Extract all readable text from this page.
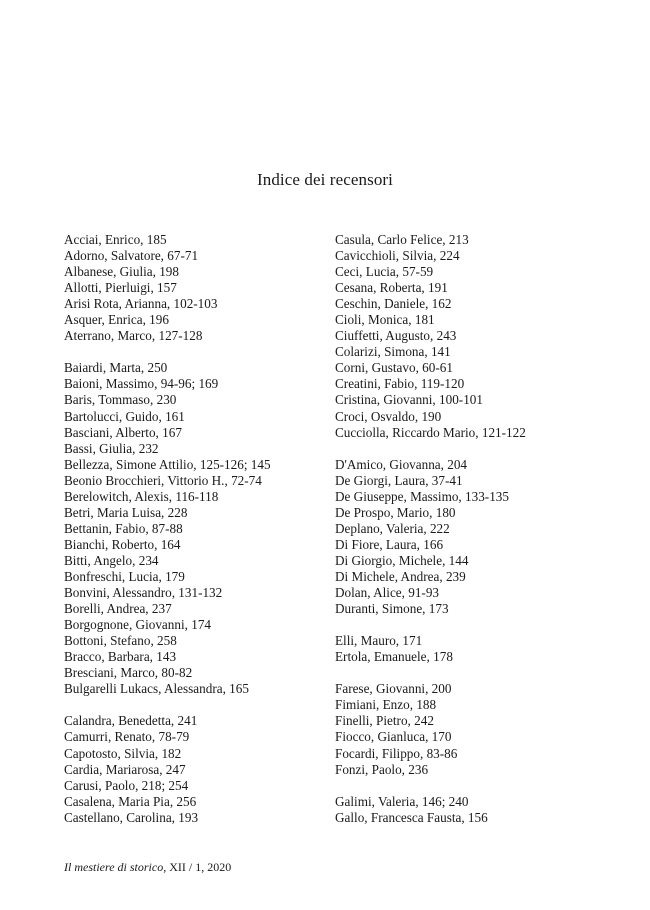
Indice dei recensori
Acciai, Enrico, 185
Adorno, Salvatore, 67-71
Albanese, Giulia, 198
Allotti, Pierluigi, 157
Arisi Rota, Arianna, 102-103
Asquer, Enrica, 196
Aterrano, Marco, 127-128
Baiardi, Marta, 250
Baioni, Massimo, 94-96; 169
Baris, Tommaso, 230
Bartolucci, Guido, 161
Basciani, Alberto, 167
Bassi, Giulia, 232
Bellezza, Simone Attilio, 125-126; 145
Beonio Brocchieri, Vittorio H., 72-74
Berelowitch, Alexis, 116-118
Betri, Maria Luisa, 228
Bettanin, Fabio, 87-88
Bianchi, Roberto, 164
Bitti, Angelo, 234
Bonfreschi, Lucia, 179
Bonvini, Alessandro, 131-132
Borelli, Andrea, 237
Borgognone, Giovanni, 174
Bottoni, Stefano, 258
Bracco, Barbara, 143
Bresciani, Marco, 80-82
Bulgarelli Lukacs, Alessandra, 165
Calandra, Benedetta, 241
Camurri, Renato, 78-79
Capotosto, Silvia, 182
Cardia, Mariarosa, 247
Carusi, Paolo, 218; 254
Casalena, Maria Pia, 256
Castellano, Carolina, 193
Casula, Carlo Felice, 213
Cavicchioli, Silvia, 224
Ceci, Lucia, 57-59
Cesana, Roberta, 191
Ceschin, Daniele, 162
Cioli, Monica, 181
Ciuffetti, Augusto, 243
Colarizi, Simona, 141
Corni, Gustavo, 60-61
Creatini, Fabio, 119-120
Cristina, Giovanni, 100-101
Croci, Osvaldo, 190
Cucciolla, Riccardo Mario, 121-122
D'Amico, Giovanna, 204
De Giorgi, Laura, 37-41
De Giuseppe, Massimo, 133-135
De Prospo, Mario, 180
Deplano, Valeria, 222
Di Fiore, Laura, 166
Di Giorgio, Michele, 144
Di Michele, Andrea, 239
Dolan, Alice, 91-93
Duranti, Simone, 173
Elli, Mauro, 171
Ertola, Emanuele, 178
Farese, Giovanni, 200
Fimiani, Enzo, 188
Finelli, Pietro, 242
Fiocco, Gianluca, 170
Focardi, Filippo, 83-86
Fonzi, Paolo, 236
Galimi, Valeria, 146; 240
Gallo, Francesca Fausta, 156
Il mestiere di storico, XII / 1, 2020
